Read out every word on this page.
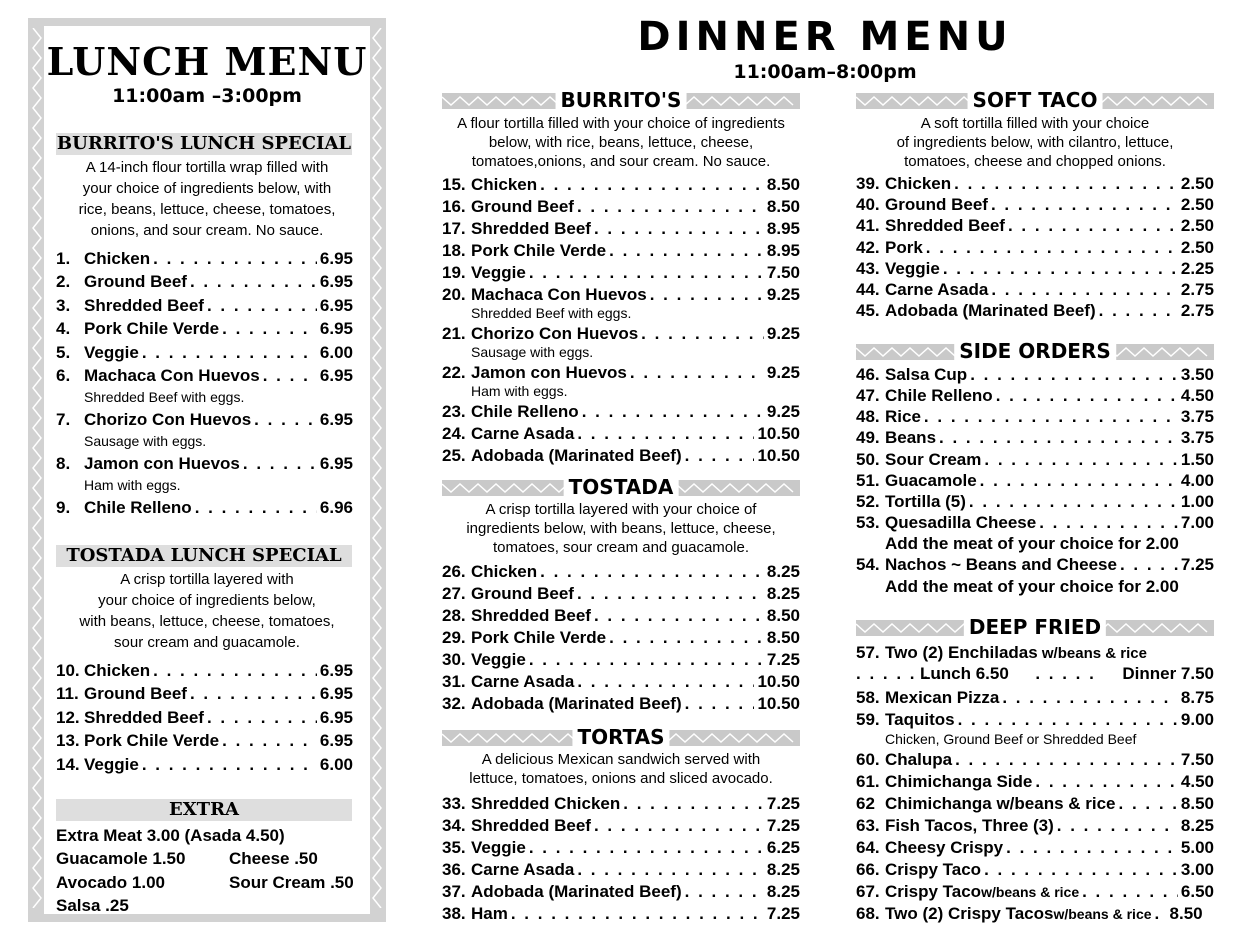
LUNCH MENU
11:00am –3:00pm
BURRITO'S LUNCH SPECIAL
A 14-inch flour tortilla wrap filled with
your choice of ingredients below, with
rice, beans, lettuce, cheese, tomatoes,
onions, and sour cream. No sauce.
1. Chicken . . .	6.95
2. Ground Beef . . .	6.95
3. Shredded Beef . . .	6.95
4. Pork Chile Verde . . .	6.95
5. Veggie . . .	6.00
6. Machaca Con Huevos . . .	6.95
Shredded Beef with eggs.
7. Chorizo Con Huevos . . .	6.95
Sausage with eggs.
8. Jamon con Huevos . . .	6.95
Ham with eggs.
9. Chile Relleno . . .	6.96
TOSTADA LUNCH SPECIAL
A crisp tortilla layered with
your choice of ingredients below,
with beans, lettuce, cheese, tomatoes,
sour cream and guacamole.
10. Chicken . . .	6.95
11. Ground Beef . . .	6.95
12. Shredded Beef . . .	6.95
13. Pork Chile Verde . . .	6.95
14. Veggie . . .	6.00
EXTRA
Extra Meat 3.00 (Asada 4.50)
Guacamole 1.50	Cheese .50
Avocado 1.00	Sour Cream .50
Salsa .25
DINNER MENU
11:00am–8:00pm
BURRITO'S
A flour tortilla filled with your choice of ingredients
below, with rice, beans, lettuce, cheese,
tomatoes,onions, and sour cream. No sauce.
15. Chicken . . .	8.50
16. Ground Beef . . .	8.50
17. Shredded Beef . . .	8.95
18. Pork Chile Verde . . .	8.95
19. Veggie . . .	7.50
20. Machaca Con Huevos . . .	9.25
Shredded Beef with eggs.
21. Chorizo Con Huevos . . .	9.25
Sausage with eggs.
22. Jamon con Huevos . . .	9.25
Ham with eggs.
23. Chile Relleno . . .	9.25
24. Carne Asada . . .	10.50
25. Adobada (Marinated Beef) . . .	10.50
TOSTADA
A crisp tortilla layered with your choice of
ingredients below, with beans, lettuce, cheese,
tomatoes, sour cream and guacamole.
26. Chicken . . .	8.25
27. Ground Beef . . .	8.25
28. Shredded Beef . . .	8.50
29. Pork Chile Verde . . .	8.50
30. Veggie . . .	7.25
31. Carne Asada . . .	10.50
32. Adobada (Marinated Beef) . . .	10.50
TORTAS
A delicious Mexican sandwich served with
lettuce, tomatoes, onions and sliced avocado.
33. Shredded Chicken . . .	7.25
34. Shredded Beef . . .	7.25
35. Veggie . . .	6.25
36. Carne Asada . . .	8.25
37. Adobada (Marinated Beef) . . .	8.25
38. Ham . . .	7.25
SOFT TACO
A soft tortilla filled with your choice
of ingredients below, with cilantro, lettuce,
tomatoes, cheese and chopped onions.
39. Chicken . . .	2.50
40. Ground Beef . . .	2.50
41. Shredded Beef . . .	2.50
42. Pork . . .	2.50
43. Veggie . . .	2.25
44. Carne Asada . . .	2.75
45. Adobada (Marinated Beef) . . .	2.75
SIDE ORDERS
46. Salsa Cup . . .	3.50
47. Chile Relleno . . .	4.50
48. Rice . . .	3.75
49. Beans . . .	3.75
50. Sour Cream . . .	1.50
51. Guacamole . . .	4.00
52. Tortilla (5) . . .	1.00
53. Quesadilla Cheese . . .	7.00
Add the meat of your choice for 2.00
54. Nachos ~ Beans and Cheese . . .	7.25
Add the meat of your choice for 2.00
DEEP FRIED
57. Two (2) Enchiladas w/beans & rice
. . . . . . .
Lunch 6.50	. . . . .	Dinner 7.50
58. Mexican Pizza . . .	8.75
59. Taquitos . . .	9.00
Chicken, Ground Beef or Shredded Beef
60. Chalupa . . .	7.50
61. Chimichanga Side . . .	4.50
62 Chimichanga w/beans & rice . . .	8.50
63. Fish Tacos, Three (3) . . .	8.25
64. Cheesy Crispy . . .	5.00
66. Crispy Taco . . .	3.00
67. Crispy Taco w/beans & rice . . .	6.50
68. Two (2) Crispy Tacos w/beans & rice . . . 8.50
